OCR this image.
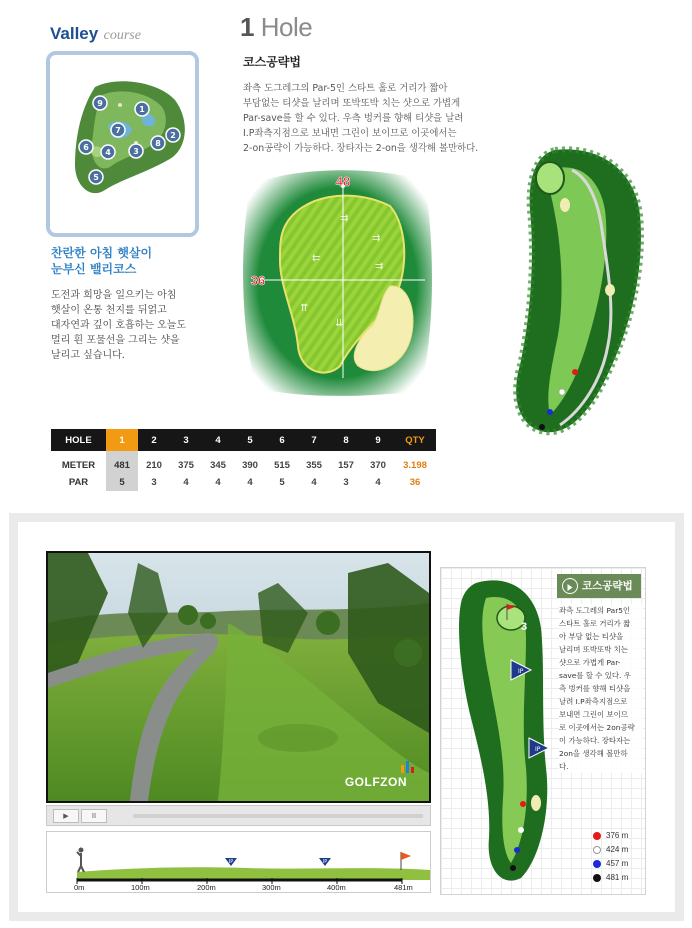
Valley course
9
1
7
6
4	3
8
2
5
찬란한 아침 햇살이
눈부신 밸리코스
도전과 희망을 일으키는 아침
햇살이 온통 천지를 뒤얽고
대자연과 깊이 호흡하는 오늘도
멀리 흰 포물선을 그리는 샷을
날리고 싶습니다.
1 Hole
코스공략법
좌측 도그레그의 Par-5인 스타트 홀로 거리가 짧아
부담없는 티샷을 날리며 또박또박 치는 샷으로 가볍게
Par-save를 할 수 있다. 우측 벙커를 향해 티샷을 날려
I.P좌측지점으로 보내면 그린이 보이므로 이곳에서는
2-on공략이 가능하다. 장타자는 2-on을 생각해 볼만하다.
⇉
⇉
⇇
⇉
⇈
⇊
48
36
HOLE	1	2	3	4	5	6	7	8	9	QTY
METER	481	210	375	345	390	515	355	157	370	3.198
PAR	5	3	4	4	4	5	4	3	4	36
GOLFZON
▶	II
IP	IP
0m	100m	200m	300m	400m	481m
3
IP
IP
코스공략법
좌측 도그레의 Par5인
스타트 홀로 거리가 짧
아 부담 없는 티샷을
날리며 또박또박 치는
샷으로 가볍게 Par-
save를 할 수 있다. 우
측 벙커를 향해 티샷을
날려 I.P좌측지점으로
보내면 그린이 보이므
로 이곳에서는 2on공략
이 가능하다. 장타자는
2on을 생각해 볼만하
다.
376 m
424 m
457 m
481 m
